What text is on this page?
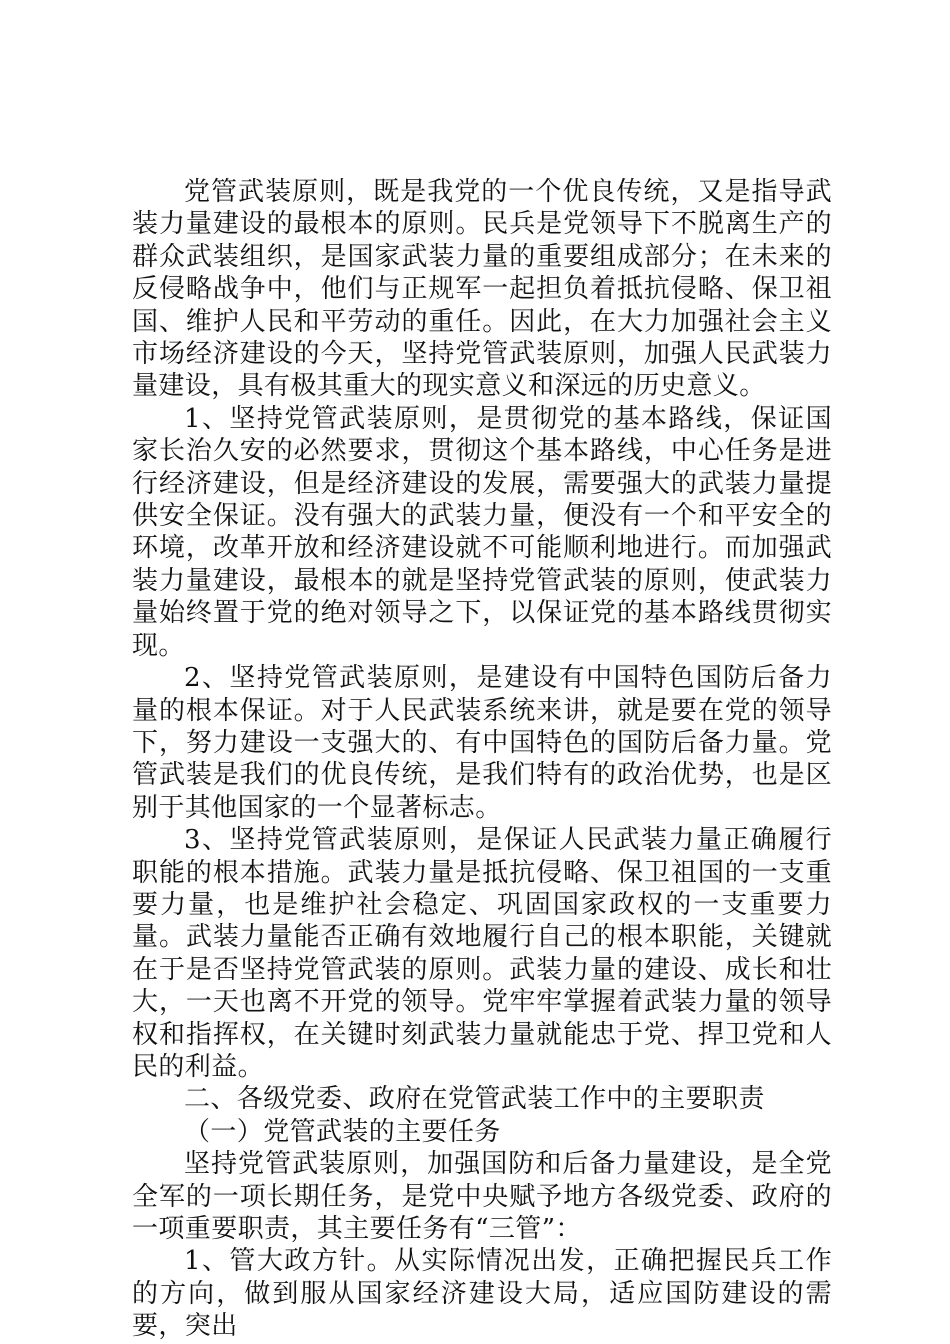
党管武装原则，既是我党的一个优良传统，又是指导武装力量建设的最根本的原则。民兵是党领导下不脱离生产的群众武装组织，是国家武装力量的重要组成部分；在未来的反侵略战争中，他们与正规军一起担负着抵抗侵略、保卫祖国、维护人民和平劳动的重任。因此，在大力加强社会主义市场经济建设的今天，坚持党管武装原则，加强人民武装力量建设，具有极其重大的现实意义和深远的历史意义。

1、坚持党管武装原则，是贯彻党的基本路线，保证国家长治久安的必然要求，贯彻这个基本路线，中心任务是进行经济建设，但是经济建设的发展，需要强大的武装力量提供安全保证。没有强大的武装力量，便没有一个和平安全的环境，改革开放和经济建设就不可能顺利地进行。而加强武装力量建设，最根本的就是坚持党管武装的原则，使武装力量始终置于党的绝对领导之下，以保证党的基本路线贯彻实现。

2、坚持党管武装原则，是建设有中国特色国防后备力量的根本保证。对于人民武装系统来讲，就是要在党的领导下，努力建设一支强大的、有中国特色的国防后备力量。党管武装是我们的优良传统，是我们特有的政治优势，也是区别于其他国家的一个显著标志。

3、坚持党管武装原则，是保证人民武装力量正确履行职能的根本措施。武装力量是抵抗侵略、保卫祖国的一支重要力量，也是维护社会稳定、巩固国家政权的一支重要力量。武装力量能否正确有效地履行自己的根本职能，关键就在于是否坚持党管武装的原则。武装力量的建设、成长和壮大，一天也离不开党的领导。党牢牢掌握着武装力量的领导权和指挥权，在关键时刻武装力量就能忠于党、捍卫党和人民的利益。

二、各级党委、政府在党管武装工作中的主要职责

（一）党管武装的主要任务

坚持党管武装原则，加强国防和后备力量建设，是全党全军的一项长期任务，是党中央赋予地方各级党委、政府的一项重要职责，其主要任务有“三管”：

1、管大政方针。从实际情况出发，正确把握民兵工作的方向，做到服从国家经济建设大局，适应国防建设的需要，突出
